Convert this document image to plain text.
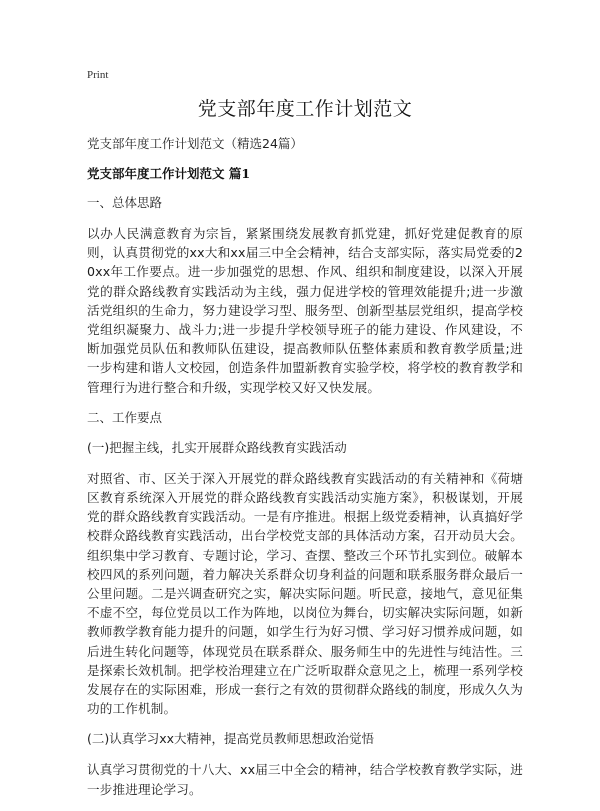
Print
党支部年度工作计划范文
党支部年度工作计划范文（精选24篇）
党支部年度工作计划范文 篇1
一、总体思路

以办人民满意教育为宗旨，紧紧围绕发展教育抓党建，抓好党建促教育的原则，认真贯彻党的xx大和xx届三中全会精神，结合支部实际，落实局党委的20xx年工作要点。进一步加强党的思想、作风、组织和制度建设，以深入开展党的群众路线教育实践活动为主线，强力促进学校的管理效能提升;进一步激活党组织的生命力，努力建设学习型、服务型、创新型基层党组织，提高学校党组织凝聚力、战斗力;进一步提升学校领导班子的能力建设、作风建设，不断加强党员队伍和教师队伍建设，提高教师队伍整体素质和教育教学质量;进一步构建和谐人文校园，创造条件加盟新教育实验学校，将学校的教育教学和管理行为进行整合和升级，实现学校又好又快发展。

二、工作要点
(一)把握主线，扎实开展群众路线教育实践活动

对照省、市、区关于深入开展党的群众路线教育实践活动的有关精神和《荷塘区教育系统深入开展党的群众路线教育实践活动实施方案》，积极谋划，开展党的群众路线教育实践活动。一是有序推进。根据上级党委精神，认真搞好学校群众路线教育实践活动，出台学校党支部的具体活动方案，召开动员大会。组织集中学习教育、专题讨论，学习、查摆、整改三个环节扎实到位。破解本校四风的系列问题，着力解决关系群众切身利益的问题和联系服务群众最后一公里问题。二是兴调查研究之实，解决实际问题。听民意，接地气，意见征集不虚不空，每位党员以工作为阵地，以岗位为舞台，切实解决实际问题，如新教师教学教育能力提升的问题，如学生行为好习惯、学习好习惯养成问题，如后进生转化问题等，体现党员在联系群众、服务师生中的先进性与纯洁性。三是探索长效机制。把学校治理建立在广泛听取群众意见之上，梳理一系列学校发展存在的实际困难，形成一套行之有效的贯彻群众路线的制度，形成久久为功的工作机制。

(二)认真学习xx大精神，提高党员教师思想政治觉悟

认真学习贯彻党的十八大、xx届三中全会的精神，结合学校教育教学实际，进一步推进理论学习。
